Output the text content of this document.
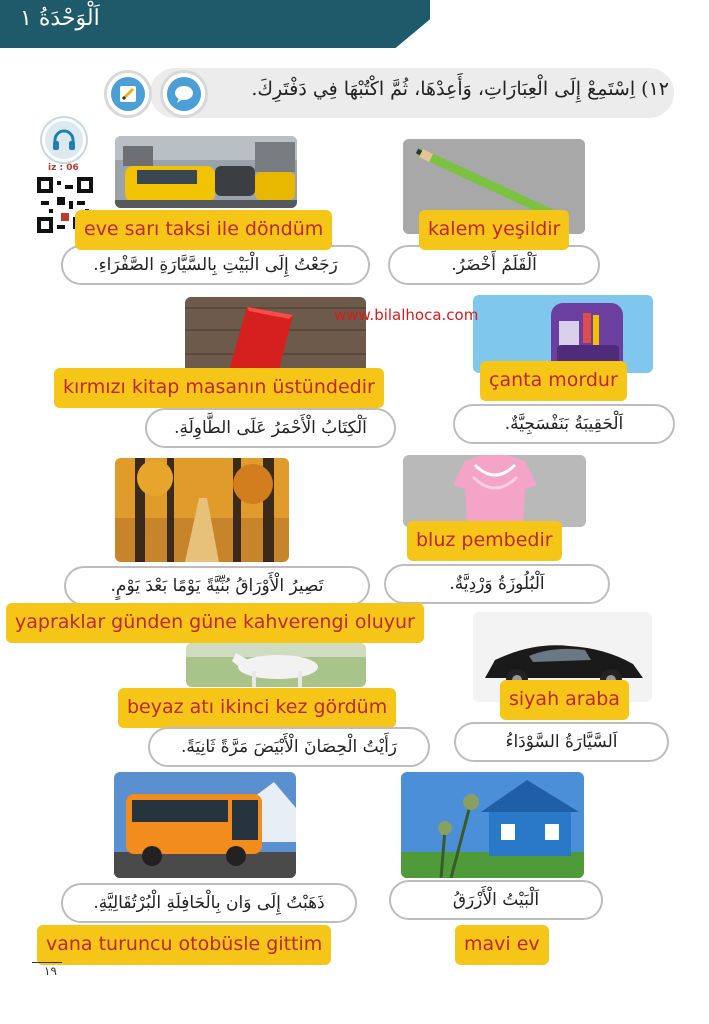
اَلْوَحْدَةُ ١
١٢) اِسْتَمِعْ إِلَى الْعِبَارَاتِ، وَأَعِدْهَا، ثُمَّ اكْتُبْهَا فِي دَفْتَرِكَ.
iz : 06
رَجَعْتُ إِلَى الْبَيْتِ بِالسَّيَّارَةِ الصَّفْرَاءِ.	اَلْقَلَمُ أَخْضَرُ.
eve sarı taksi ile döndüm	kalem yeşildir
www.bilalhoca.com
kırmızı kitap masanın üstündedir	çanta mordur
اَلْكِتَابُ الْأَحْمَرُ عَلَى الطَّاوِلَةِ.	اَلْحَقِيبَةُ بَنَفْسَجِيَّةٌ.
bluz pembedir
تَصِيرُ الْأَوْرَاقُ بُنِّيَّةً يَوْمًا بَعْدَ يَوْمٍ.	اَلْبُلُوزَةُ وَرْدِيَّةٌ.
yapraklar günden güne kahverengi oluyur
beyaz atı ikinci kez gördüm	siyah araba
رَأَيْتُ الْحِصَانَ الْأَبْيَضَ مَرَّةً ثَانِيَةً.	اَلسَّيَّارَةُ السَّوْدَاءُ
ذَهَبْتُ إِلَى وَان بِالْحَافِلَةِ الْبُرْتُقَالِيَّةِ.	اَلْبَيْتُ الْأَزْرَقُ
vana turuncu otobüsle gittim	mavi ev
١٩
